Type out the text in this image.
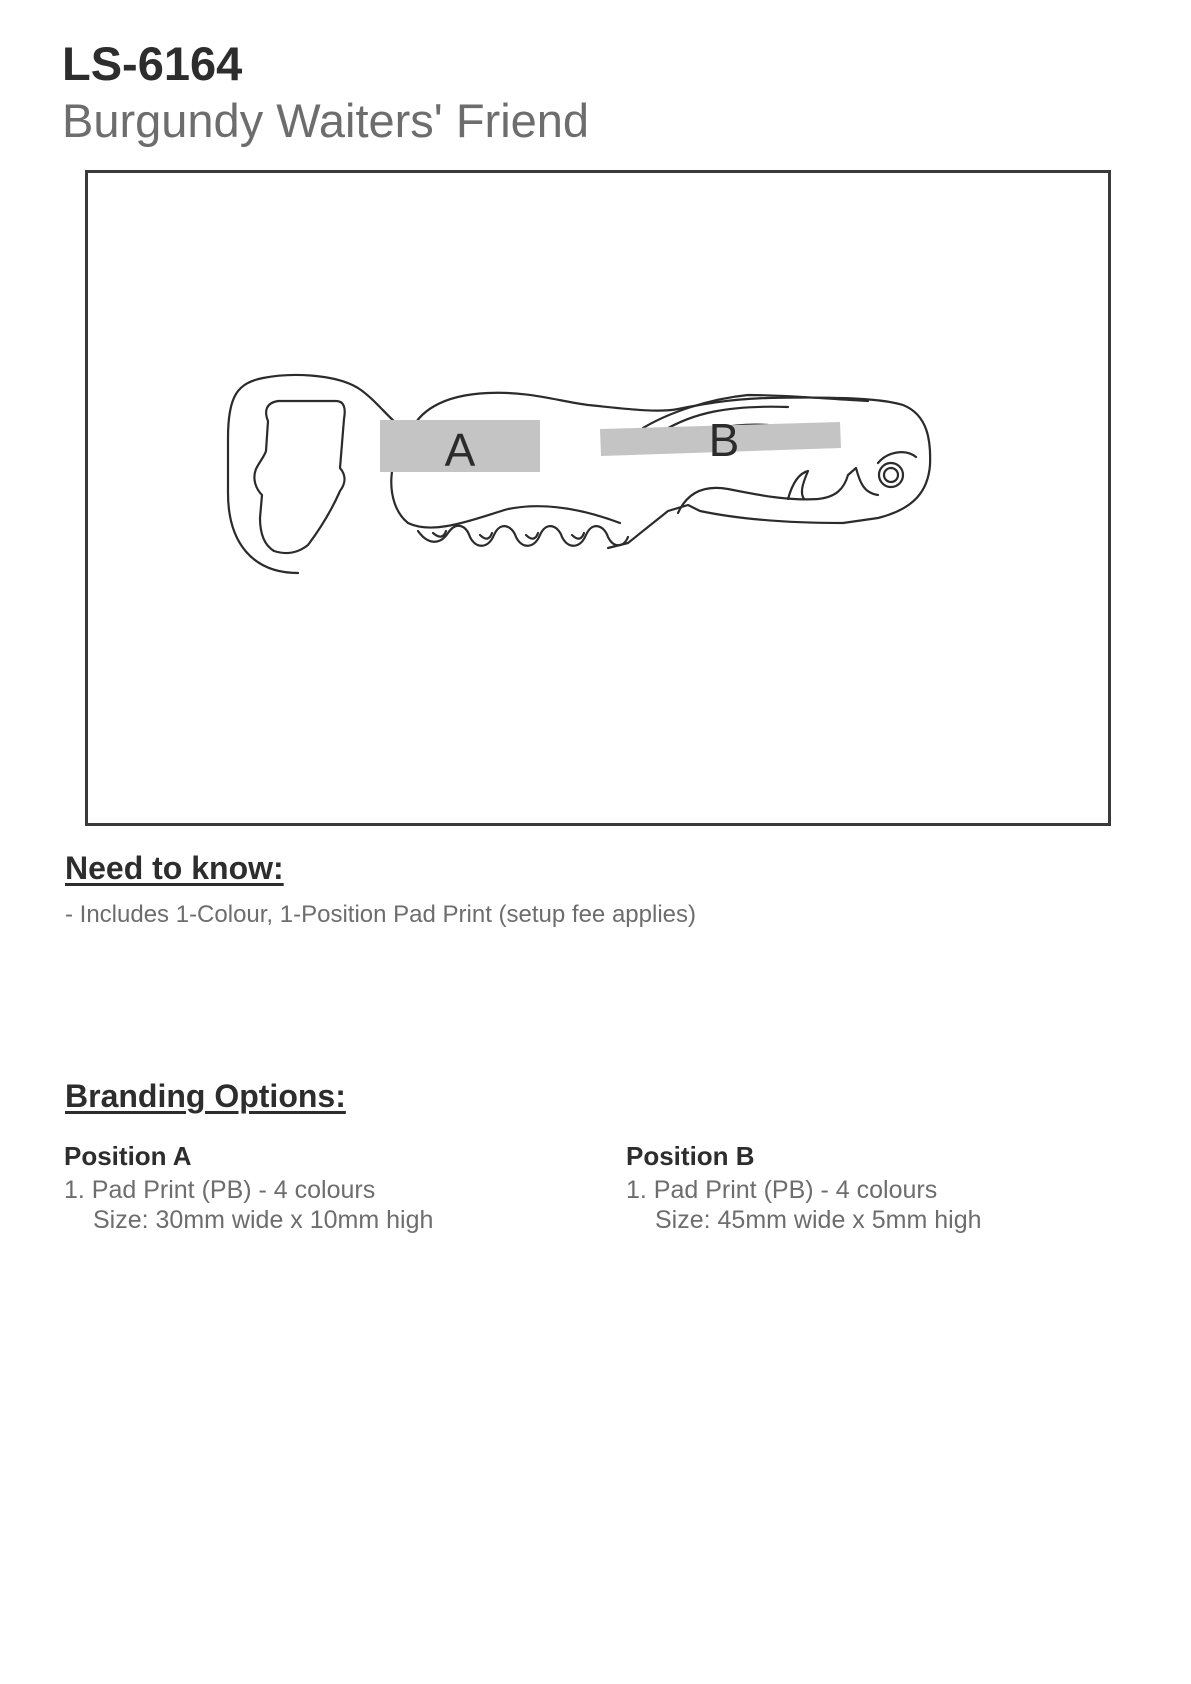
LS-6164
Burgundy Waiters' Friend
A	B
Need to know:

- Includes 1-Colour, 1-Position Pad Print (setup fee applies)

Branding Options:

Position A

1. Pad Print (PB) - 4 colours

Size: 30mm wide x 10mm high

Position B

1. Pad Print (PB) - 4 colours

Size: 45mm wide x 5mm high
